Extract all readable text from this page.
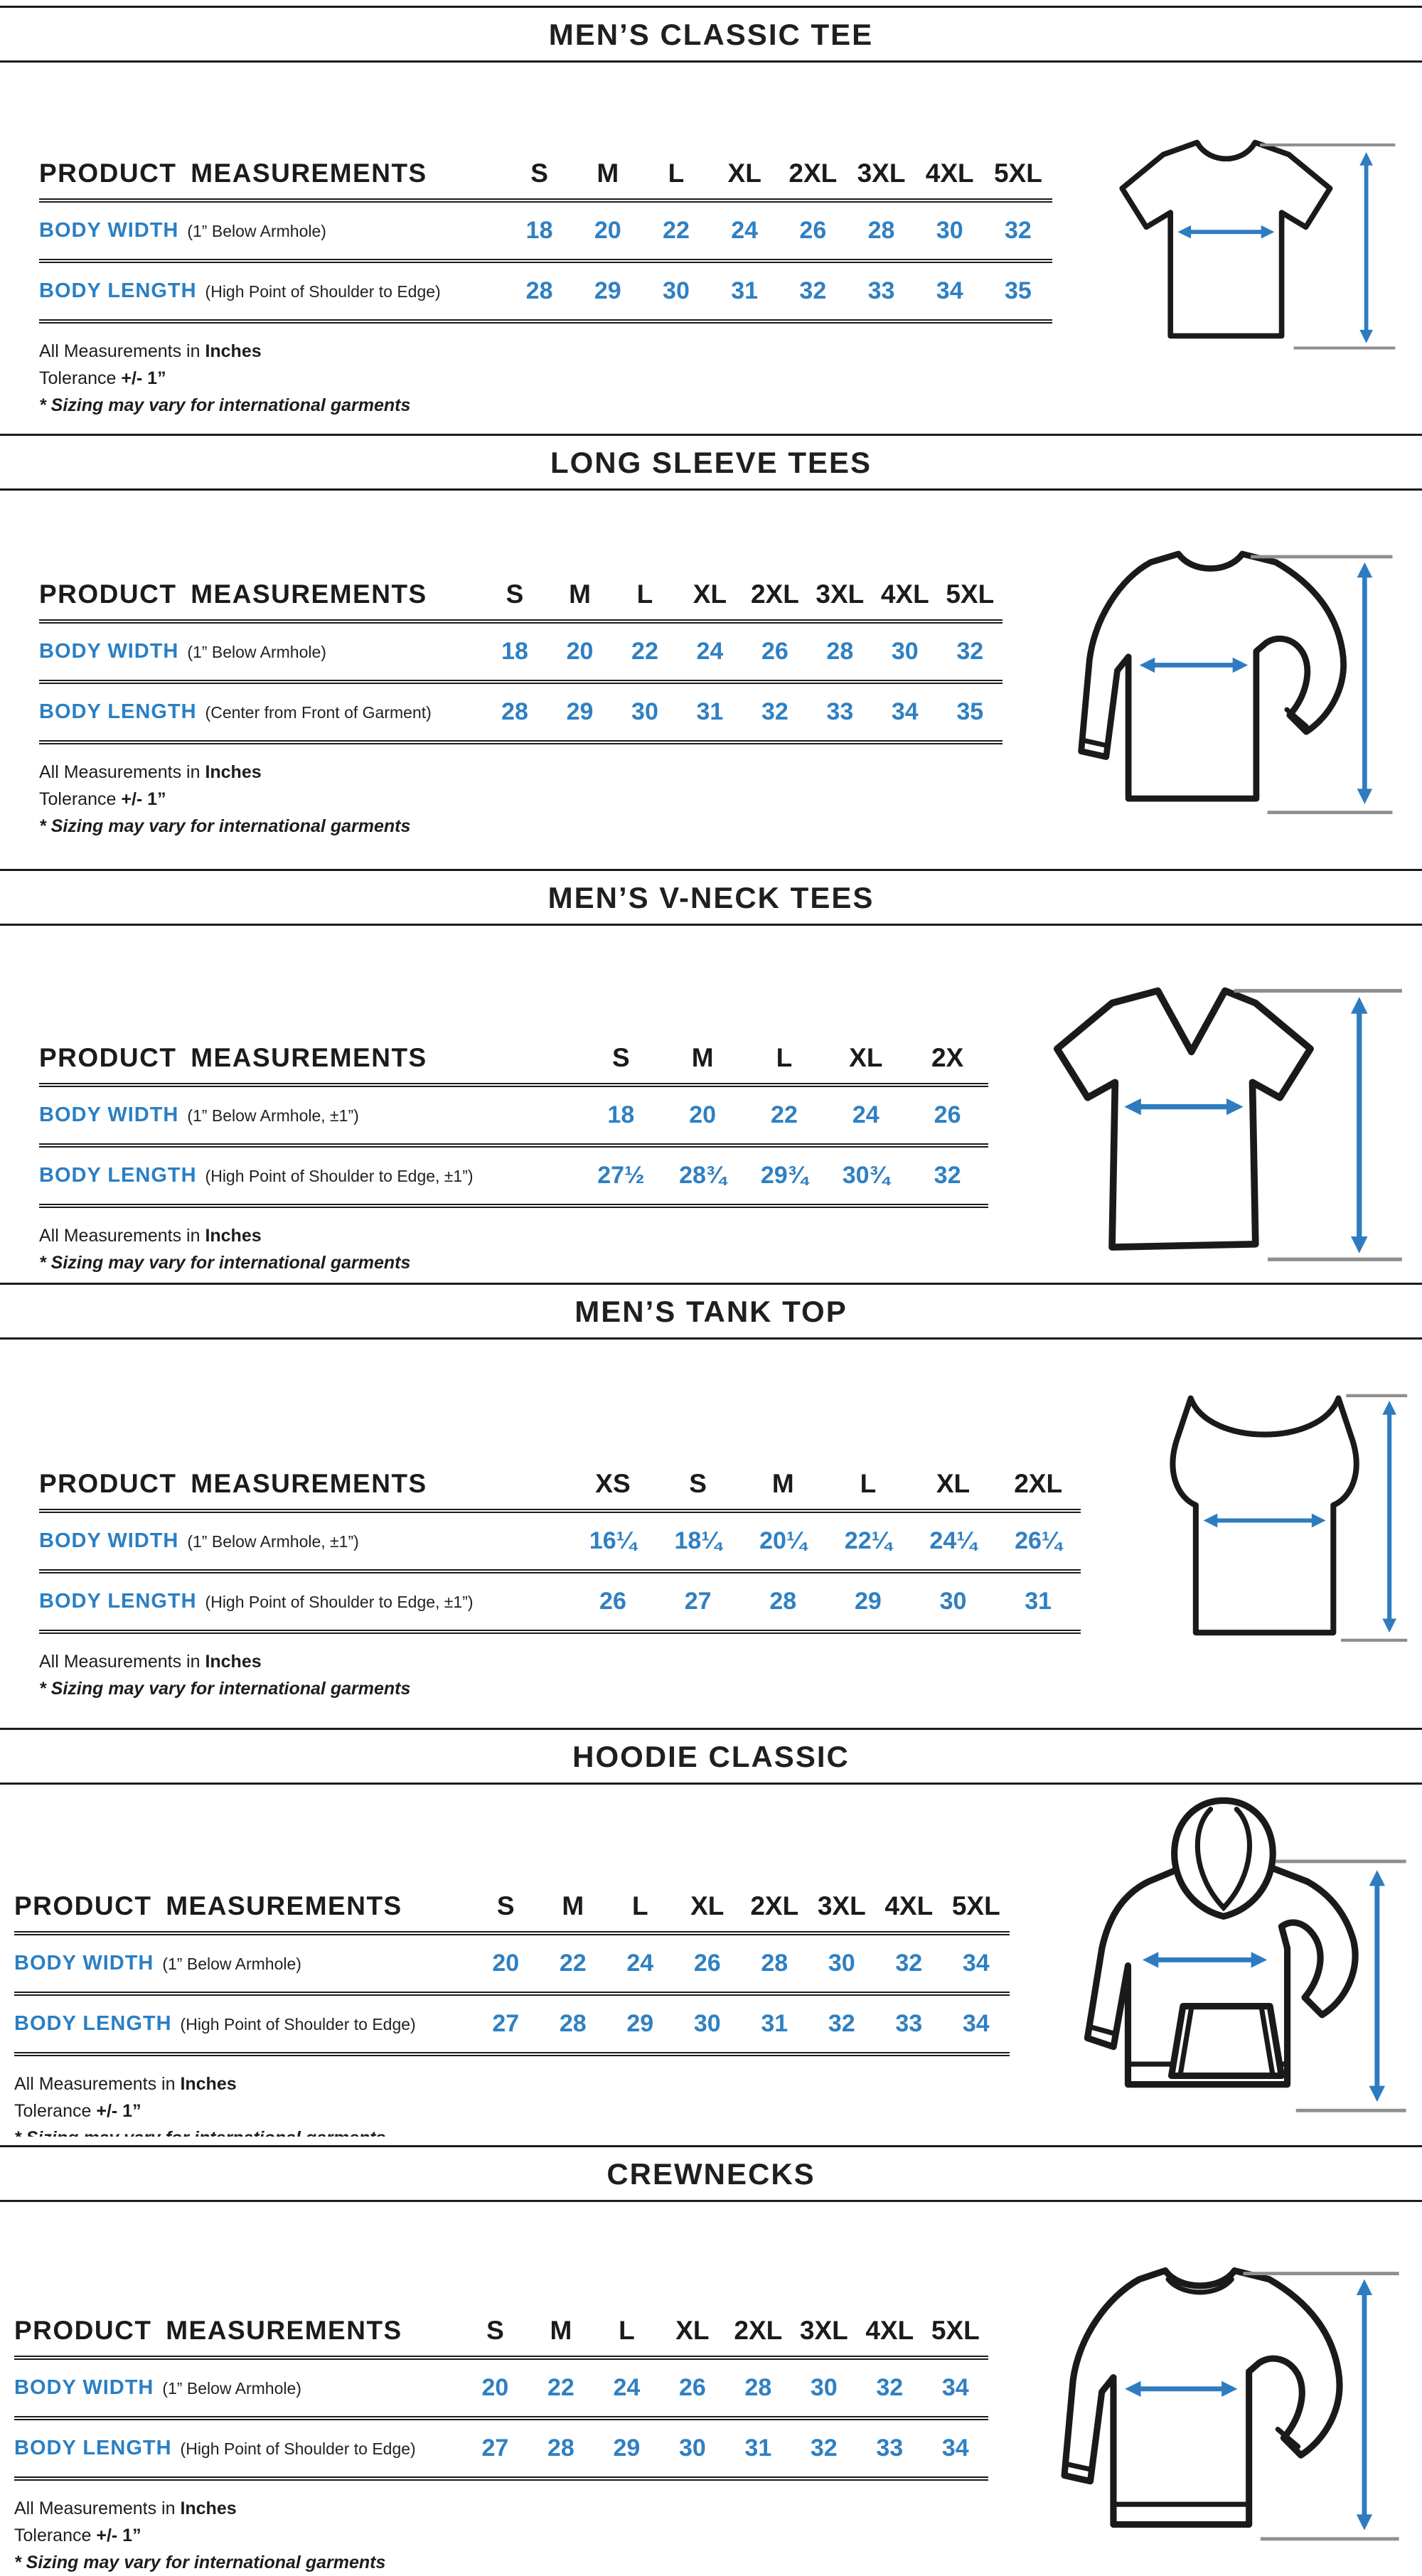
MEN’S CLASSIC TEE
PRODUCT MEASUREMENTS	S	M	L	XL	2XL 3XL 4XL 5XL
BODY WIDTH (1” Below Armhole)	18	20	22	24	26	28	30	32
BODY LENGTH (High Point of Shoulder to Edge)	28	29	30	31	32	33	34	35
All Measurements in Inches
Tolerance +/- 1”
* Sizing may vary for international garments
LONG SLEEVE TEES
PRODUCT MEASUREMENTS	S	M	L	XL 2XL 3XL 4XL 5XL
BODY WIDTH (1” Below Armhole)	18	20	22	24	26	28	30	32
BODY LENGTH (Center from Front of Garment)	28	29	30	31	32	33	34	35
All Measurements in Inches
Tolerance +/- 1”
* Sizing may vary for international garments
MEN’S V-NECK TEES
PRODUCT MEASUREMENTS	S	M	L	XL	2X
BODY WIDTH (1” Below Armhole, ±1”)	18	20	22	24	26
BODY LENGTH (High Point of Shoulder to Edge, ±1”)	27½	28¾	29¾	30¾	32
All Measurements in Inches
* Sizing may vary for international garments
MEN’S TANK TOP
PRODUCT MEASUREMENTS	XS	S	M	L	XL	2XL
BODY WIDTH (1” Below Armhole, ±1”)	16¼	18¼	20¼	22¼	24¼	26¼
BODY LENGTH (High Point of Shoulder to Edge, ±1”)	26	27	28	29	30	31
All Measurements in Inches
* Sizing may vary for international garments
HOODIE CLASSIC
PRODUCT MEASUREMENTS	S	M	L	XL 2XL 3XL 4XL 5XL
BODY WIDTH (1” Below Armhole)	20	22	24	26	28	30	32	34
BODY LENGTH (High Point of Shoulder to Edge)	27	28	29	30	31	32	33	34
All Measurements in Inches
Tolerance +/- 1”
CREWNECKS
PRODUCT MEASUREMENTS	S	M	L	XL 2XL 3XL 4XL 5XL
BODY WIDTH (1” Below Armhole)	20	22	24	26	28	30	32	34
BODY LENGTH (High Point of Shoulder to Edge)	27	28	29	30	31	32	33	34
All Measurements in Inches
Tolerance +/- 1”
* Sizing may vary for international garments
